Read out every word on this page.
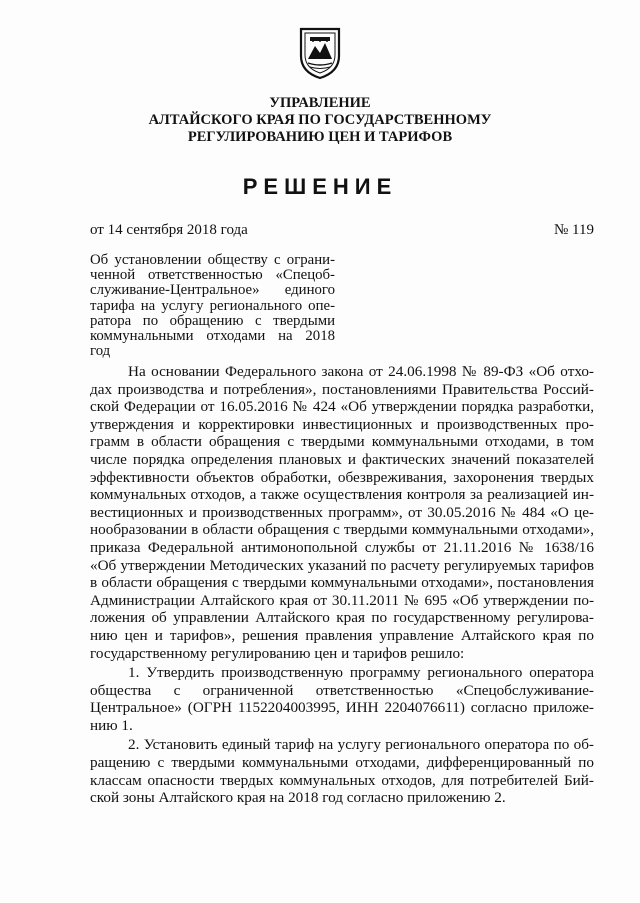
УПРАВЛЕНИЕ
АЛТАЙСКОГО КРАЯ ПО ГОСУДАРСТВЕННОМУ
РЕГУЛИРОВАНИЮ ЦЕН И ТАРИФОВ
РЕШЕНИЕ
от 14 сентября 2018 года	№ 119
Об установлении обществу с ограни-
ченной ответственностью «Спецоб-
служивание-Центральное» единого
тарифа на услугу регионального опе-
ратора по обращению с твердыми
коммунальными отходами на 2018
год
На основании Федерального закона от 24.06.1998 № 89-ФЗ «Об отхо-
дах производства и потребления», постановлениями Правительства Россий-
ской Федерации от 16.05.2016 № 424 «Об утверждении порядка разработки,
утверждения и корректировки инвестиционных и производственных про-
грамм в области обращения с твердыми коммунальными отходами, в том
числе порядка определения плановых и фактических значений показателей
эффективности объектов обработки, обезвреживания, захоронения твердых
коммунальных отходов, а также осуществления контроля за реализацией ин-
вестиционных и производственных программ», от 30.05.2016 № 484 «О це-
нообразовании в области обращения с твердыми коммунальными отходами»,
приказа Федеральной антимонопольной службы от 21.11.2016 № 1638/16
«Об утверждении Методических указаний по расчету регулируемых тарифов
в области обращения с твердыми коммунальными отходами», постановления
Администрации Алтайского края от 30.11.2011 № 695 «Об утверждении по-
ложения об управлении Алтайского края по государственному регулирова-
нию цен и тарифов», решения правления управление Алтайского края по
государственному регулированию цен и тарифов решило:
1. Утвердить производственную программу регионального оператора
общества с ограниченной ответственностью «Спецобслуживание-
Центральное» (ОГРН 1152204003995, ИНН 2204076611) согласно приложе-
нию 1.
2. Установить единый тариф на услугу регионального оператора по об-
ращению с твердыми коммунальными отходами, дифференцированный по
классам опасности твердых коммунальных отходов, для потребителей Бий-
ской зоны Алтайского края на 2018 год согласно приложению 2.
